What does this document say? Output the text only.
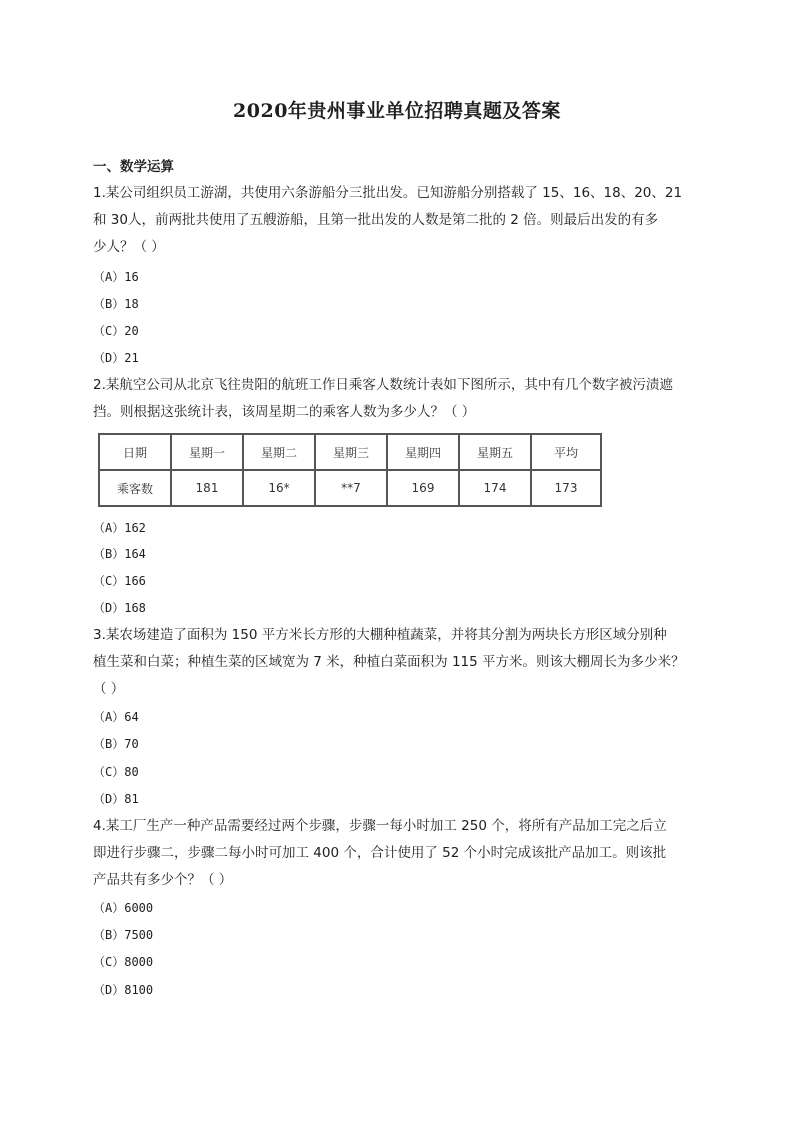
2020年贵州事业单位招聘真题及答案
一、数学运算
1.某公司组织员工游湖，共使用六条游船分三批出发。已知游船分别搭载了 15、16、18、20、21
和 30人，前两批共使用了五艘游船，且第一批出发的人数是第二批的 2 倍。则最后出发的有多
少人？（ ）
（A）16
（B）18
（C）20
（D）21
2.某航空公司从北京飞往贵阳的航班工作日乘客人数统计表如下图所示，其中有几个数字被污渍遮
挡。则根据这张统计表，该周星期二的乘客人数为多少人？（ ）
日期	星期一	星期二	星期三	星期四	星期五	平均
乘客数	181	16*	**7	169	174	173
（A）162
（B）164
（C）166
（D）168
3.某农场建造了面积为 150 平方米长方形的大棚种植蔬菜，并将其分割为两块长方形区域分别种
植生菜和白菜；种植生菜的区域宽为 7 米，种植白菜面积为 115 平方米。则该大棚周长为多少米？
（ ）
（A）64
（B）70
（C）80
（D）81
4.某工厂生产一种产品需要经过两个步骤，步骤一每小时加工 250 个，将所有产品加工完之后立
即进行步骤二，步骤二每小时可加工 400 个，合计使用了 52 个小时完成该批产品加工。则该批
产品共有多少个？（ ）
（A）6000
（B）7500
（C）8000
（D）8100
